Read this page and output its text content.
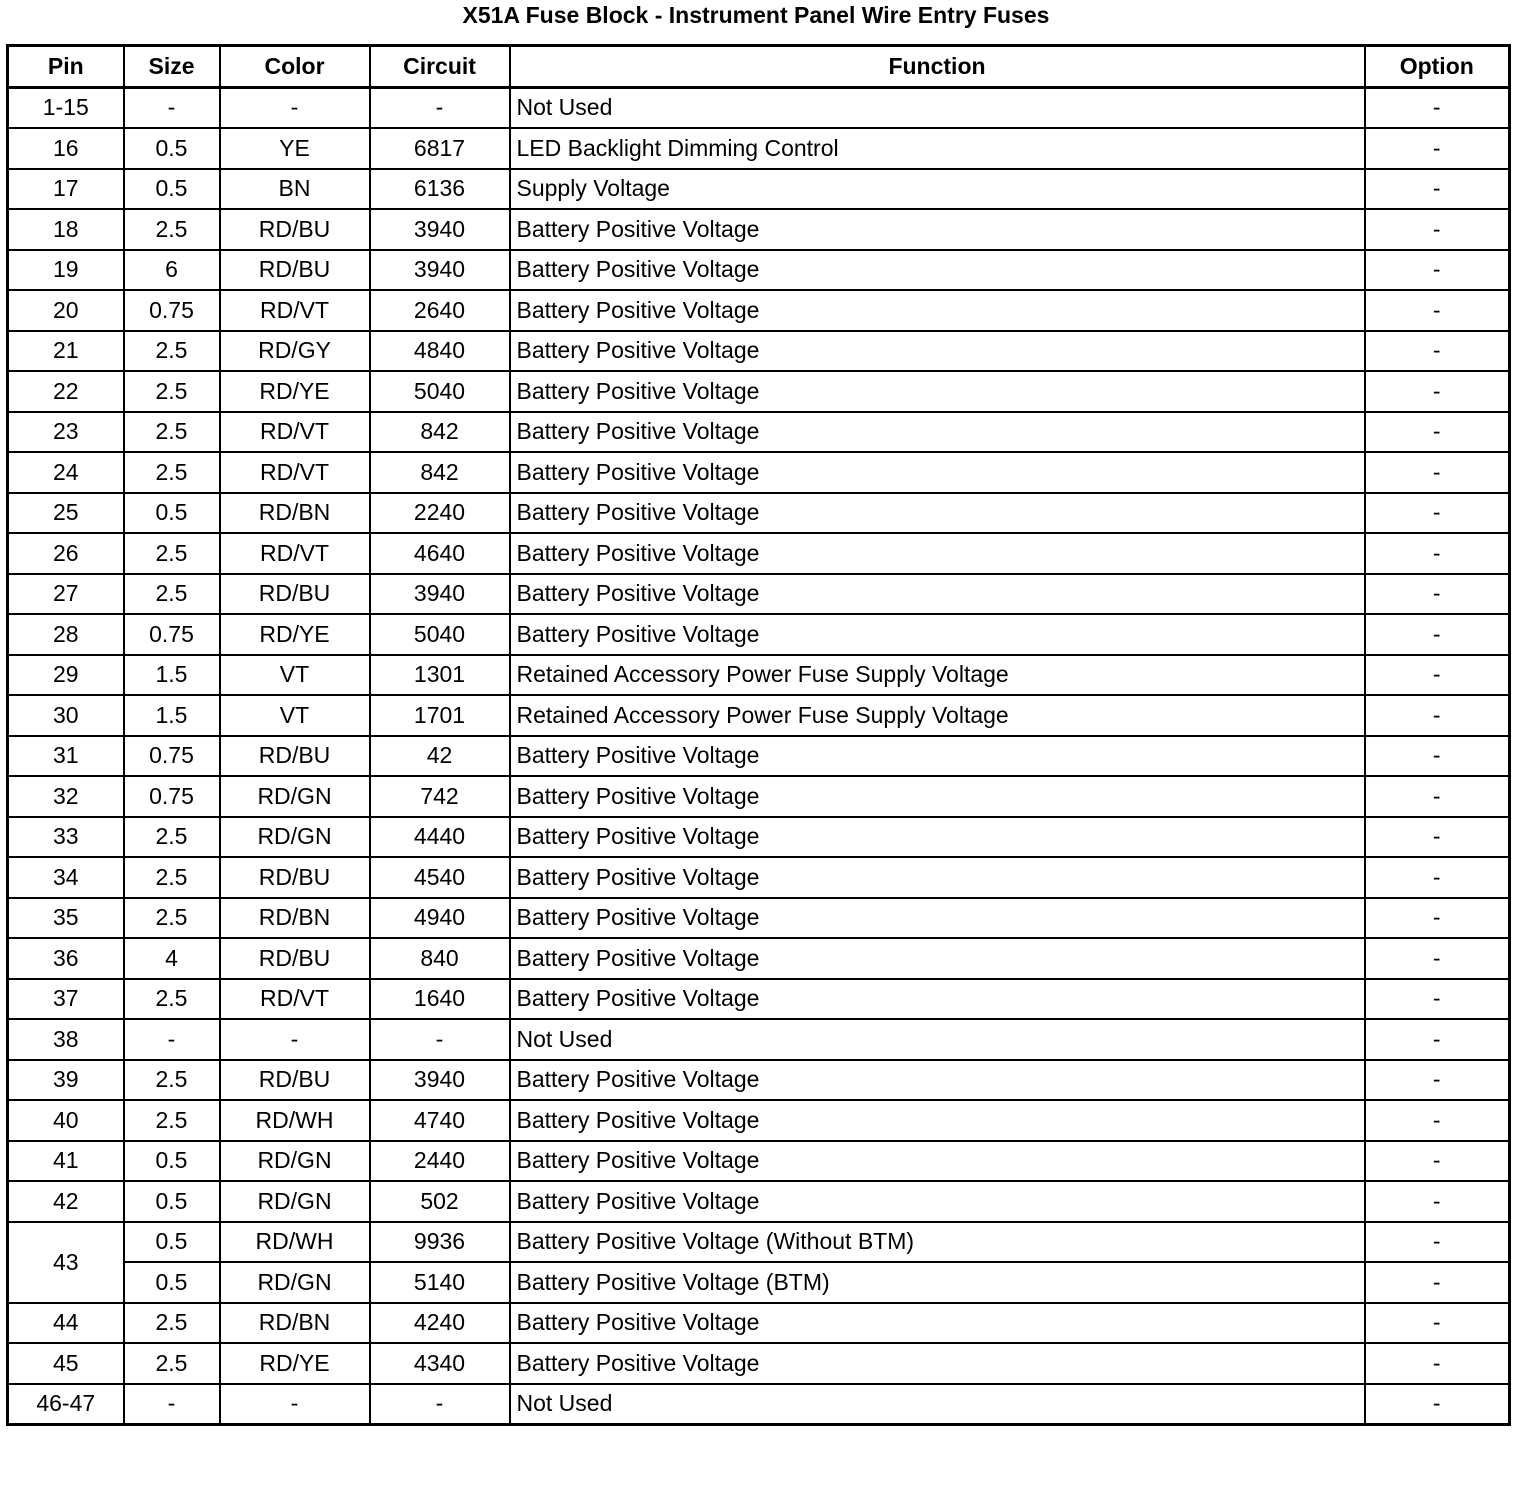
X51A Fuse Block - Instrument Panel Wire Entry Fuses
Pin	Size	Color	Circuit	Function	Option
1-15	-	-	-	Not Used	-
16	0.5	YE	6817	LED Backlight Dimming Control	-
17	0.5	BN	6136	Supply Voltage	-
18	2.5	RD/BU	3940	Battery Positive Voltage	-
19	6	RD/BU	3940	Battery Positive Voltage	-
20	0.75	RD/VT	2640	Battery Positive Voltage	-
21	2.5	RD/GY	4840	Battery Positive Voltage	-
22	2.5	RD/YE	5040	Battery Positive Voltage	-
23	2.5	RD/VT	842	Battery Positive Voltage	-
24	2.5	RD/VT	842	Battery Positive Voltage	-
25	0.5	RD/BN	2240	Battery Positive Voltage	-
26	2.5	RD/VT	4640	Battery Positive Voltage	-
27	2.5	RD/BU	3940	Battery Positive Voltage	-
28	0.75	RD/YE	5040	Battery Positive Voltage	-
29	1.5	VT	1301	Retained Accessory Power Fuse Supply Voltage	-
30	1.5	VT	1701	Retained Accessory Power Fuse Supply Voltage	-
31	0.75	RD/BU	42	Battery Positive Voltage	-
32	0.75	RD/GN	742	Battery Positive Voltage	-
33	2.5	RD/GN	4440	Battery Positive Voltage	-
34	2.5	RD/BU	4540	Battery Positive Voltage	-
35	2.5	RD/BN	4940	Battery Positive Voltage	-
36	4	RD/BU	840	Battery Positive Voltage	-
37	2.5	RD/VT	1640	Battery Positive Voltage	-
38	-	-	-	Not Used	-
39	2.5	RD/BU	3940	Battery Positive Voltage	-
40	2.5	RD/WH	4740	Battery Positive Voltage	-
41	0.5	RD/GN	2440	Battery Positive Voltage	-
42	0.5	RD/GN	502	Battery Positive Voltage	-
43	0.5	RD/WH	9936	Battery Positive Voltage (Without BTM)	-
	0.5	RD/GN	5140	Battery Positive Voltage (BTM)	-
44	2.5	RD/BN	4240	Battery Positive Voltage	-
45	2.5	RD/YE	4340	Battery Positive Voltage	-
46-47	-	-	-	Not Used	-
